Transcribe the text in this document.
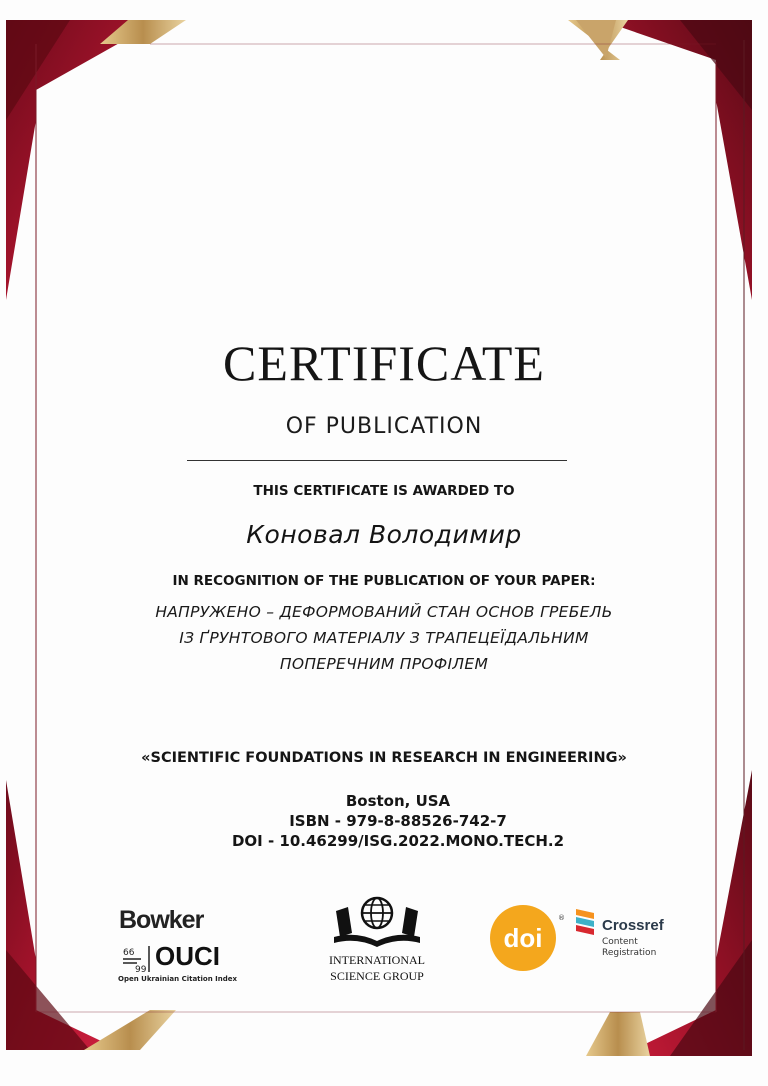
CERTIFICATE
OF PUBLICATION
THIS CERTIFICATE IS AWARDED TO
Коновал Володимир
IN RECOGNITION OF THE PUBLICATION OF YOUR PAPER:
НАПРУЖЕНО – ДЕФОРМОВАНИЙ СТАН ОСНОВ ГРЕБЕЛЬ
ІЗ ҐРУНТОВОГО МАТЕРІАЛУ З ТРАПЕЦЕЇДАЛЬНИМ
ПОПЕРЕЧНИМ ПРОФІЛЕМ
«SCIENTIFIC FOUNDATIONS IN RESEARCH IN ENGINEERING»
Boston, USA
ISBN - 979-8-88526-742-7
DOI - 10.46299/ISG.2022.MONO.TECH.2
Bowker
66
99 OUCI
Open Ukrainian Citation Index
INTERNATIONAL
SCIENCE GROUP
doi
® Crossref
Content
Registration
